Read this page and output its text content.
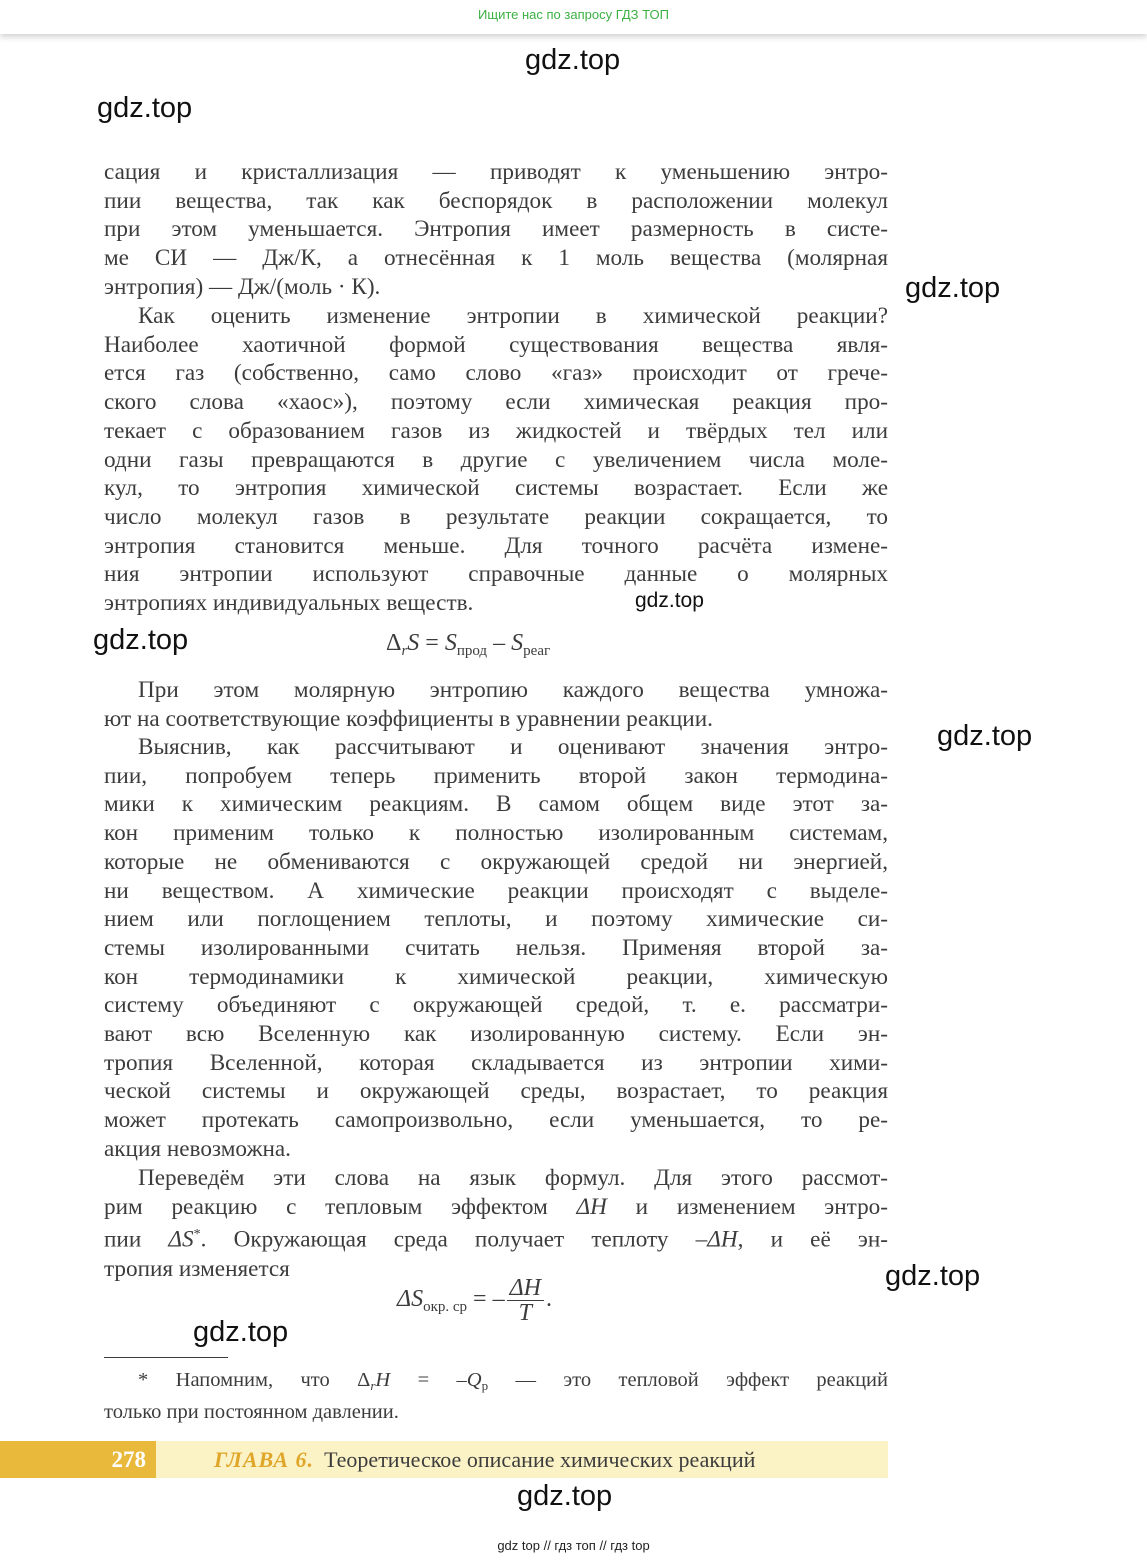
Ищите нас по запросу ГДЗ ТОП
gdz.top
gdz.top
gdz.top
gdz.top
gdz.top
gdz.top
gdz.top
gdz.top
gdz.top

сация и кристаллизация — приводят к уменьшению энтро-

пии вещества, так как беспорядок в расположении молекул

при этом уменьшается. Энтропия имеет размерность в систе-

ме СИ — Дж/К, а отнесённая к 1 моль вещества (молярная

энтропия) — Дж/(моль · К).

Как оценить изменение энтропии в химической реакции?

Наиболее хаотичной формой существования вещества явля-

ется газ (собственно, само слово «газ» происходит от грече-

ского слова «хаос»), поэтому если химическая реакция про-

текает с образованием газов из жидкостей и твёрдых тел или

одни газы превращаются в другие с увеличением числа моле-

кул, то энтропия химической системы возрастает. Если же

число молекул газов в результате реакции сокращается, то

энтропия становится меньше. Для точного расчёта измене-

ния энтропии используют справочные данные о молярных

энтропиях индивидуальных веществ.

$\Delta_rS = S_{прод} - S_{реаг}$

При этом молярную энтропию каждого вещества умножа-

ют на соответствующие коэффициенты в уравнении реакции.

Выяснив, как рассчитывают и оценивают значения энтро-

пии, попробуем теперь применить второй закон термодина-

мики к химическим реакциям. В самом общем виде этот за-

кон применим только к полностью изолированным системам,

которые не обмениваются с окружающей средой ни энергией,

ни веществом. А химические реакции происходят с выделе-

нием или поглощением теплоты, и поэтому химические си-

стемы изолированными считать нельзя. Применяя второй за-

кон термодинамики к химической реакции, химическую

систему объединяют с окружающей средой, т. е. рассматри-

вают всю Вселенную как изолированную систему. Если эн-

тропия Вселенной, которая складывается из энтропии хими-

ческой системы и окружающей среды, возрастает, то реакция

может протекать самопроизвольно, если уменьшается, то ре-

акция невозможна.

Переведём эти слова на язык формул. Для этого рассмот-

рим реакцию с тепловым эффектом ΔH и изменением энтро-

пии ΔS*. Окружающая среда получает теплоту –ΔH, и её эн-

тропия изменяется

$\Delta S_{окр. ср}$ = – $\frac{\Delta H}{T}$ .

* Напомним, что $\Delta_rH = -Q_р$ — это тепловой эффект реакций

только при постоянном давлении.

278	ГЛАВА 6. Теоретическое описание химических реакций
gdz top // гдз топ // гдз top
